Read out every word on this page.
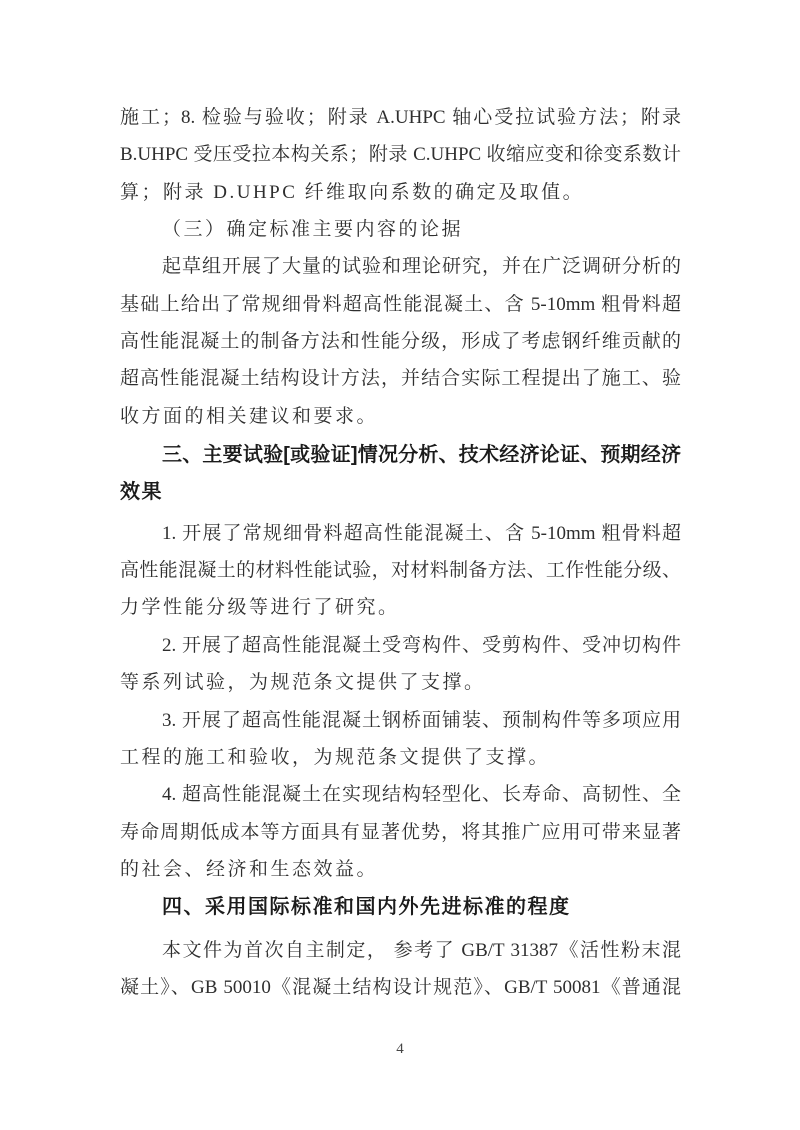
施工；8. 检验与验收；附录 A.UHPC 轴心受拉试验方法；附录
B.UHPC 受压受拉本构关系；附录 C.UHPC 收缩应变和徐变系数计
算；附录 D.UHPC 纤维取向系数的确定及取值。
（三）确定标准主要内容的论据
起草组开展了大量的试验和理论研究，并在广泛调研分析的
基础上给出了常规细骨料超高性能混凝土、含 5-10mm 粗骨料超
高性能混凝土的制备方法和性能分级，形成了考虑钢纤维贡献的
超高性能混凝土结构设计方法，并结合实际工程提出了施工、验
收方面的相关建议和要求。
三、主要试验[或验证]情况分析、技术经济论证、预期经济
效果
1. 开展了常规细骨料超高性能混凝土、含 5-10mm 粗骨料超
高性能混凝土的材料性能试验，对材料制备方法、工作性能分级、
力学性能分级等进行了研究。
2. 开展了超高性能混凝土受弯构件、受剪构件、受冲切构件
等系列试验，为规范条文提供了支撑。
3. 开展了超高性能混凝土钢桥面铺装、预制构件等多项应用
工程的施工和验收，为规范条文提供了支撑。
4. 超高性能混凝土在实现结构轻型化、长寿命、高韧性、全
寿命周期低成本等方面具有显著优势，将其推广应用可带来显著
的社会、经济和生态效益。
四、采用国际标准和国内外先进标准的程度
本文件为首次自主制定， 参考了 GB/T 31387《活性粉末混
凝土》、GB 50010《混凝土结构设计规范》、GB/T 50081《普通混
4
